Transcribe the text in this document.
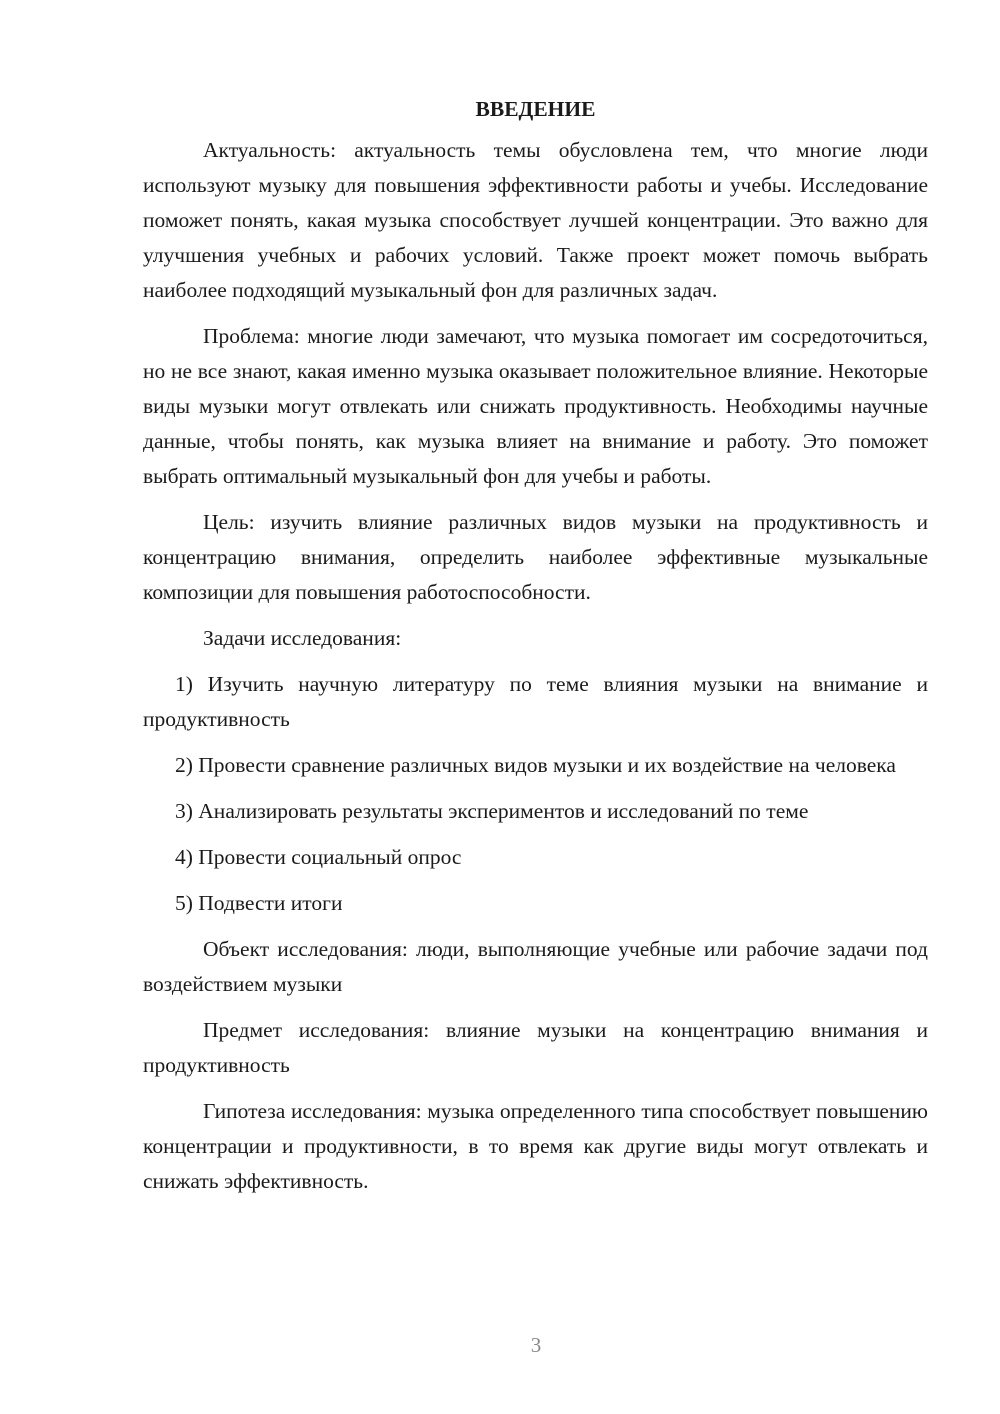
ВВЕДЕНИЕ

Актуальность: актуальность темы обусловлена тем, что многие люди используют музыку для повышения эффективности работы и учебы. Исследование поможет понять, какая музыка способствует лучшей концентрации. Это важно для улучшения учебных и рабочих условий. Также проект может помочь выбрать наиболее подходящий музыкальный фон для различных задач.

Проблема: многие люди замечают, что музыка помогает им сосредоточиться, но не все знают, какая именно музыка оказывает положительное влияние. Некоторые виды музыки могут отвлекать или снижать продуктивность. Необходимы научные данные, чтобы понять, как музыка влияет на внимание и работу. Это поможет выбрать оптимальный музыкальный фон для учебы и работы.

Цель: изучить влияние различных видов музыки на продуктивность и концентрацию внимания, определить наиболее эффективные музыкальные композиции для повышения работоспособности.

Задачи исследования:

1) Изучить научную литературу по теме влияния музыки на внимание и продуктивность

2) Провести сравнение различных видов музыки и их воздействие на человека

3) Анализировать результаты экспериментов и исследований по теме

4) Провести социальный опрос

5) Подвести итоги

Объект исследования: люди, выполняющие учебные или рабочие задачи под воздействием музыки

Предмет исследования: влияние музыки на концентрацию внимания и продуктивность

Гипотеза исследования: музыка определенного типа способствует повышению концентрации и продуктивности, в то время как другие виды могут отвлекать и снижать эффективность.

3
